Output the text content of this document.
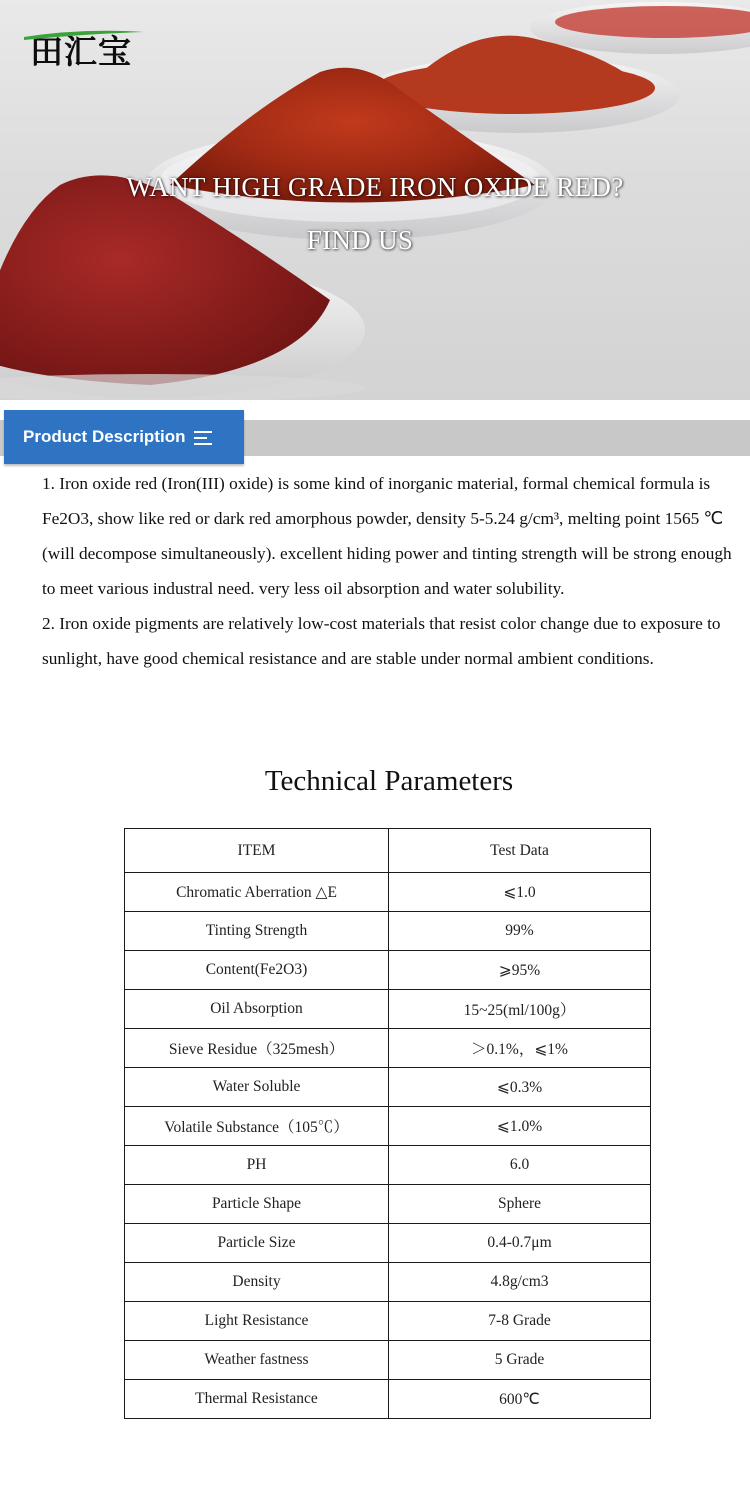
田汇宝
WANT HIGH GRADE IRON OXIDE RED?
FIND US
Product Description

1. Iron oxide red (Iron(III) oxide) is some kind of inorganic material, formal chemical formula is Fe2O3, show like red or dark red amorphous powder, density 5-5.24 g/cm³, melting point 1565 ℃(will decompose simultaneously). excellent hiding power and tinting strength will be strong enough to meet various industral need. very less oil absorption and water solubility.

2. Iron oxide pigments are relatively low-cost materials that resist color change due to exposure to sunlight, have good chemical resistance and are stable under normal ambient conditions.

Technical Parameters
ITEM	Test Data
Chromatic Aberration △E	⩽1.0
Tinting Strength	99%
Content(Fe2O3)	⩾95%
Oil Absorption	15~25(ml/100g）
Sieve Residue（325mesh）	＞0.1%，⩽1%
Water Soluble	⩽0.3%
Volatile Substance（105℃）	⩽1.0%
PH	6.0
Particle Shape	Sphere
Particle Size	0.4-0.7μm
Density	4.8g/cm3
Light Resistance	7-8 Grade
Weather fastness	5 Grade
Thermal Resistance	600℃
